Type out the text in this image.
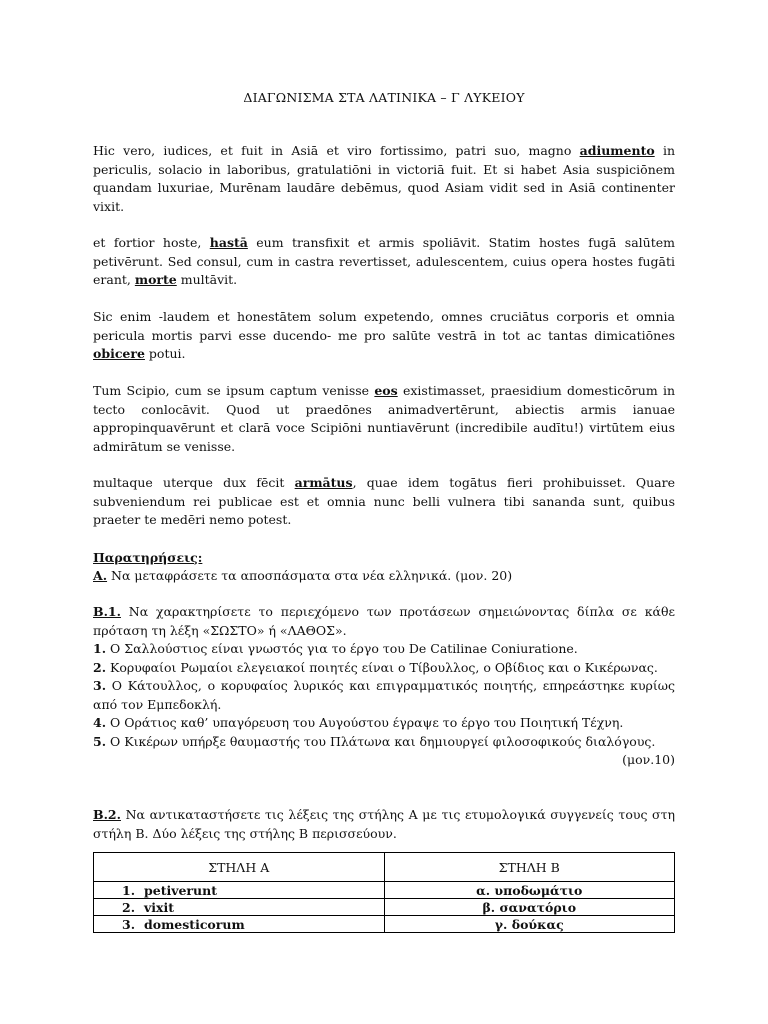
ΔΙΑΓΩΝΙΣΜΑ ΣΤΑ ΛΑΤΙΝΙΚΑ – Γ ΛΥΚΕΙΟΥ
Hic vero, iudices, et fuit in Asiā et viro fortissimo, patri suo, magno adiumento in periculis, solacio in laboribus, gratulatiōni in victoriā fuit. Et si habet Asia suspiciōnem quandam luxuriae, Murēnam laudāre debēmus, quod Asiam vidit sed in Asiā continenter vixit.
et fortior hoste, hastā eum transfixit et armis spoliāvit. Statim hostes fugā salūtem petivērunt. Sed consul, cum in castra revertisset, adulescentem, cuius opera hostes fugāti erant, morte multāvit.
Sic enim -laudem et honestātem solum expetendo, omnes cruciātus corporis et omnia pericula mortis parvi esse ducendo- me pro salūte vestrā in tot ac tantas dimicatiōnes obicere potui.
Tum Scipio, cum se ipsum captum venisse eos existimasset, praesidium domesticōrum in tecto conlocāvit. Quod ut praedōnes animadvertērunt, abiectis armis ianuae appropinquavērunt et clarā voce Scipiōni nuntiavērunt (incredibile audītu!) virtūtem eius admirātum se venisse.
multaque uterque dux fēcit armātus, quae idem togātus fieri prohibuisset. Quare subveniendum rei publicae est et omnia nunc belli vulnera tibi sananda sunt, quibus praeter te medēri nemo potest.
Παρατηρήσεις:
Α. Να μεταφράσετε τα αποσπάσματα στα νέα ελληνικά. (μον. 20)
Β.1. Να χαρακτηρίσετε το περιεχόμενο των προτάσεων σημειώνοντας δίπλα σε κάθε πρόταση τη λέξη «ΣΩΣΤΟ» ή «ΛΑΘΟΣ».
1. Ο Σαλλούστιος είναι γνωστός για το έργο του De Catilinae Coniuratione.
2. Κορυφαίοι Ρωμαίοι ελεγειακοί ποιητές είναι ο Τίβουλλος, ο Οβίδιος και ο Κικέρωνας.
3. Ο Κάτουλλος, ο κορυφαίος λυρικός και επιγραμματικός ποιητής, επηρεάστηκε κυρίως από τον Εμπεδοκλή.
4. Ο Οράτιος καθ’ υπαγόρευση του Αυγούστου έγραψε το έργο του Ποιητική Τέχνη.
5. Ο Κικέρων υπήρξε θαυμαστής του Πλάτωνα και δημιουργεί φιλοσοφικούς διαλόγους.
(μον.10)
Β.2. Να αντικαταστήσετε τις λέξεις της στήλης Α με τις ετυμολογικά συγγενείς τους στη στήλη Β. Δύο λέξεις της στήλης Β περισσεύουν.
ΣΤΗΛΗ Α	ΣΤΗΛΗ Β
1. petiverunt	α. υποδωμάτιο
2. vixit	β. σανατόριο
3. domesticorum	γ. δούκας
